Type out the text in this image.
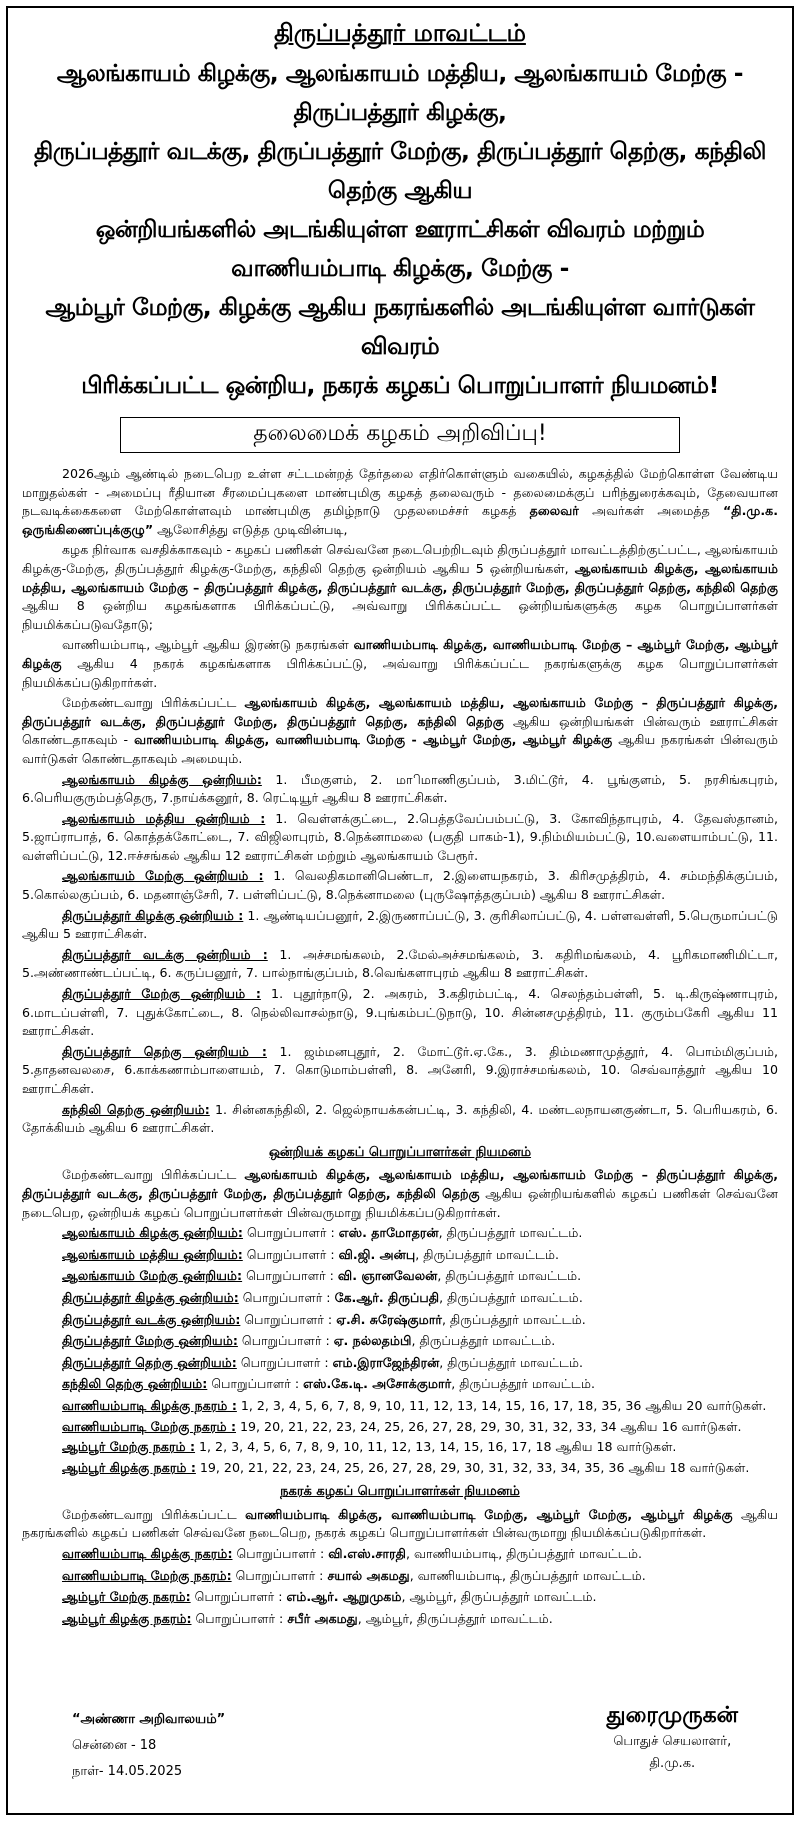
திருப்பத்தூர் மாவட்டம்
ஆலங்காயம் கிழக்கு, ஆலங்காயம் மத்திய, ஆலங்காயம் மேற்கு - திருப்பத்தூர் கிழக்கு,
திருப்பத்தூர் வடக்கு, திருப்பத்தூர் மேற்கு, திருப்பத்தூர் தெற்கு, கந்திலி தெற்கு ஆகிய
ஒன்றியங்களில் அடங்கியுள்ள ஊராட்சிகள் விவரம் மற்றும் வாணியம்பாடி கிழக்கு, மேற்கு -
ஆம்பூர் மேற்கு, கிழக்கு ஆகிய நகரங்களில் அடங்கியுள்ள வார்டுகள் விவரம்
பிரிக்கப்பட்ட ஒன்றிய, நகரக் கழகப் பொறுப்பாளர் நியமனம்!
தலைமைக் கழகம் அறிவிப்பு!

2026ஆம் ஆண்டில் நடைபெற உள்ள சட்டமன்றத் தேர்தலை எதிர்கொள்ளும் வகையில், கழகத்தில் மேற்கொள்ள வேண்டிய மாறுதல்கள் - அமைப்பு ரீதியான சீரமைப்புகளை மாண்புமிகு கழகத் தலைவரும் - தலைமைக்குப் பரிந்துரைக்கவும், தேவையான நடவடிக்கைகளை மேற்கொள்ளவும் மாண்புமிகு தமிழ்நாடு முதலமைச்சர் கழகத் தலைவர் அவர்கள் அமைத்த “தி.மு.க. ஒருங்கிணைப்புக்குழு” ஆலோசித்து எடுத்த முடிவின்படி,

கழக நிர்வாக வசதிக்காகவும் - கழகப் பணிகள் செவ்வனே நடைபெற்றிடவும் திருப்பத்தூர் மாவட்டத்திற்குட்பட்ட, ஆலங்காயம் கிழக்கு-மேற்கு, திருப்பத்தூர் கிழக்கு-மேற்கு, கந்திலி தெற்கு ஒன்றியம் ஆகிய 5 ஒன்றியங்கள், ஆலங்காயம் கிழக்கு, ஆலங்காயம் மத்திய, ஆலங்காயம் மேற்கு – திருப்பத்தூர் கிழக்கு, திருப்பத்தூர் வடக்கு, திருப்பத்தூர் மேற்கு, திருப்பத்தூர் தெற்கு, கந்திலி தெற்கு ஆகிய 8 ஒன்றிய கழகங்களாக பிரிக்கப்பட்டு, அவ்வாறு பிரிக்கப்பட்ட ஒன்றியங்களுக்கு கழக பொறுப்பாளர்கள் நியமிக்கப்படுவதோடு;

வாணியம்பாடி, ஆம்பூர் ஆகிய இரண்டு நகரங்கள் வாணியம்பாடி கிழக்கு, வாணியம்பாடி மேற்கு – ஆம்பூர் மேற்கு, ஆம்பூர் கிழக்கு ஆகிய 4 நகரக் கழகங்களாக பிரிக்கப்பட்டு, அவ்வாறு பிரிக்கப்பட்ட நகரங்களுக்கு கழக பொறுப்பாளர்கள் நியமிக்கப்படுகிறார்கள்.

மேற்கண்டவாறு பிரிக்கப்பட்ட ஆலங்காயம் கிழக்கு, ஆலங்காயம் மத்திய, ஆலங்காயம் மேற்கு – திருப்பத்தூர் கிழக்கு, திருப்பத்தூர் வடக்கு, திருப்பத்தூர் மேற்கு, திருப்பத்தூர் தெற்கு, கந்திலி தெற்கு ஆகிய ஒன்றியங்கள் பின்வரும் ஊராட்சிகள் கொண்டதாகவும் - வாணியம்பாடி கிழக்கு, வாணியம்பாடி மேற்கு - ஆம்பூர் மேற்கு, ஆம்பூர் கிழக்கு ஆகிய நகரங்கள் பின்வரும் வார்டுகள் கொண்டதாகவும் அமையும்.

ஆலங்காயம் கிழக்கு ஒன்றியம்: 1. பீமகுளம், 2. மாிமாணிகுப்பம், 3.மிட்டூர், 4. பூங்குளம், 5. நரசிங்கபுரம், 6.பெரியகுரும்பத்தெரு, 7.நாய்க்கனூர், 8. ரெட்டியூர் ஆகிய 8 ஊராட்சிகள்.

ஆலங்காயம் மத்திய ஒன்றியம் : 1. வெள்ளக்குட்டை, 2.பெத்தவேப்பம்பட்டு, 3. கோவிந்தாபுரம், 4. தேவஸ்தானம், 5.ஜாப்ராபாத், 6. கொத்தக்கோட்டை, 7. விஜிலாபுரம், 8.நெக்னாமலை (பகுதி பாகம்-1), 9.நிம்மியம்பட்டு, 10.வளையாம்பட்டு, 11. வள்ளிப்பட்டு, 12.ஈச்சங்கல் ஆகிய 12 ஊராட்சிகள் மற்றும் ஆலங்காயம் பேரூர்.

ஆலங்காயம் மேற்கு ஒன்றியம் : 1. வெலதிகமானிபெண்டா, 2.இளையநகரம், 3. கிரிசமுத்திரம், 4. சம்மந்திக்குப்பம், 5.கொல்லகுப்பம், 6. மதனாஞ்சேரி, 7. பள்ளிப்பட்டு, 8.நெக்னாமலை (புருஷோத்தகுப்பம்) ஆகிய 8 ஊராட்சிகள்.

திருப்பத்தூர் கிழக்கு ஒன்றியம் : 1. ஆண்டியப்பனூர், 2.இருணாப்பட்டு, 3. குரிசிலாப்பட்டு, 4. பள்ளவள்ளி, 5.பெருமாப்பட்டு ஆகிய 5 ஊராட்சிகள்.

திருப்பத்தூர் வடக்கு ஒன்றியம் : 1. அச்சமங்கலம், 2.மேல்அச்சமங்கலம், 3. கதிரிமங்கலம், 4. பூரிகமாணிமிட்டா, 5.அண்ணாண்டப்பட்டி, 6. கருப்பனூர், 7. பால்நாங்குப்பம், 8.வெங்களாபுரம் ஆகிய 8 ஊராட்சிகள்.

திருப்பத்தூர் மேற்கு ஒன்றியம் : 1. புதூர்நாடு, 2. அகரம், 3.கதிரம்பட்டி, 4. செலந்தம்பள்ளி, 5. டி.கிருஷ்ணாபுரம், 6.மாடப்பள்ளி, 7. புதுக்கோட்டை, 8. நெல்லிவாசல்நாடு, 9.புங்கம்பட்டுநாடு, 10. சின்னசமுத்திரம், 11. குரும்பகேரி ஆகிய 11 ஊராட்சிகள்.

திருப்பத்தூர் தெற்கு ஒன்றியம் : 1. ஜம்மனபுதூர், 2. மோட்டூர்.ஏ.கே., 3. திம்மணாமுத்தூர், 4. பொம்மிகுப்பம், 5.தாதனவலசை, 6.காக்கணாம்பாளையம், 7. கொடுமாம்பள்ளி, 8. அனேரி, 9.இராச்சமங்கலம், 10. செவ்வாத்தூர் ஆகிய 10 ஊராட்சிகள்.

கந்திலி தெற்கு ஒன்றியம்: 1. சின்னகந்திலி, 2. ஜெல்நாயக்கன்பட்டி, 3. கந்திலி, 4. மண்டலநாயனகுண்டா, 5. பெரியகரம், 6. தோக்கியம் ஆகிய 6 ஊராட்சிகள்.

ஒன்றியக் கழகப் பொறுப்பாளர்கள் நியமனம்

மேற்கண்டவாறு பிரிக்கப்பட்ட ஆலங்காயம் கிழக்கு, ஆலங்காயம் மத்திய, ஆலங்காயம் மேற்கு – திருப்பத்தூர் கிழக்கு, திருப்பத்தூர் வடக்கு, திருப்பத்தூர் மேற்கு, திருப்பத்தூர் தெற்கு, கந்திலி தெற்கு ஆகிய ஒன்றியங்களில் கழகப் பணிகள் செவ்வனே நடைபெற, ஒன்றியக் கழகப் பொறுப்பாளர்கள் பின்வருமாறு நியமிக்கப்படுகிறார்கள்.

ஆலங்காயம் கிழக்கு ஒன்றியம்: பொறுப்பாளர் : எஸ். தாமோதரன், திருப்பத்தூர் மாவட்டம்.
ஆலங்காயம் மத்திய ஒன்றியம்: பொறுப்பாளர் : வி.ஜி. அன்பு, திருப்பத்தூர் மாவட்டம்.
ஆலங்காயம் மேற்கு ஒன்றியம்: பொறுப்பாளர் : வி. ஞானவேலன், திருப்பத்தூர் மாவட்டம்.
திருப்பத்தூர் கிழக்கு ஒன்றியம்: பொறுப்பாளர் : கே.ஆர். திருப்பதி, திருப்பத்தூர் மாவட்டம்.
திருப்பத்தூர் வடக்கு ஒன்றியம்: பொறுப்பாளர் : ஏ.சி. சுரேஷ்குமார், திருப்பத்தூர் மாவட்டம்.
திருப்பத்தூர் மேற்கு ஒன்றியம்: பொறுப்பாளர் : ஏ. நல்லதம்பி, திருப்பத்தூர் மாவட்டம்.
திருப்பத்தூர் தெற்கு ஒன்றியம்: பொறுப்பாளர் : எம்.இராஜேந்திரன், திருப்பத்தூர் மாவட்டம்.
கந்திலி தெற்கு ஒன்றியம்: பொறுப்பாளர் : எஸ்.கே.டி. அசோக்குமார், திருப்பத்தூர் மாவட்டம்.

வாணியம்பாடி கிழக்கு நகரம் : 1, 2, 3, 4, 5, 6, 7, 8, 9, 10, 11, 12, 13, 14, 15, 16, 17, 18, 35, 36 ஆகிய 20 வார்டுகள்.

வாணியம்பாடி மேற்கு நகரம் : 19, 20, 21, 22, 23, 24, 25, 26, 27, 28, 29, 30, 31, 32, 33, 34 ஆகிய 16 வார்டுகள்.

ஆம்பூர் மேற்கு நகரம் : 1, 2, 3, 4, 5, 6, 7, 8, 9, 10, 11, 12, 13, 14, 15, 16, 17, 18 ஆகிய 18 வார்டுகள்.

ஆம்பூர் கிழக்கு நகரம் : 19, 20, 21, 22, 23, 24, 25, 26, 27, 28, 29, 30, 31, 32, 33, 34, 35, 36 ஆகிய 18 வார்டுகள்.

நகரக் கழகப் பொறுப்பாளர்கள் நியமனம்

மேற்கண்டவாறு பிரிக்கப்பட்ட வாணியம்பாடி கிழக்கு, வாணியம்பாடி மேற்கு, ஆம்பூர் மேற்கு, ஆம்பூர் கிழக்கு ஆகிய நகரங்களில் கழகப் பணிகள் செவ்வனே நடைபெற, நகரக் கழகப் பொறுப்பாளர்கள் பின்வருமாறு நியமிக்கப்படுகிறார்கள்.

வாணியம்பாடி கிழக்கு நகரம்: பொறுப்பாளர் : வி.எஸ்.சாரதி, வாணியம்பாடி, திருப்பத்தூர் மாவட்டம்.
வாணியம்பாடி மேற்கு நகரம்: பொறுப்பாளர் : சயால் அகமது, வாணியம்பாடி, திருப்பத்தூர் மாவட்டம்.
ஆம்பூர் மேற்கு நகரம்: பொறுப்பாளர் : எம்.ஆர். ஆறுமுகம், ஆம்பூர், திருப்பத்தூர் மாவட்டம்.
ஆம்பூர் கிழக்கு நகரம்: பொறுப்பாளர் : சபீர் அகமது, ஆம்பூர், திருப்பத்தூர் மாவட்டம்.
“அண்ணா அறிவாலயம்”
சென்னை - 18
நாள்- 14.05.2025
துரைமுருகன்
பொதுச் செயலாளர்,
தி.மு.க.
